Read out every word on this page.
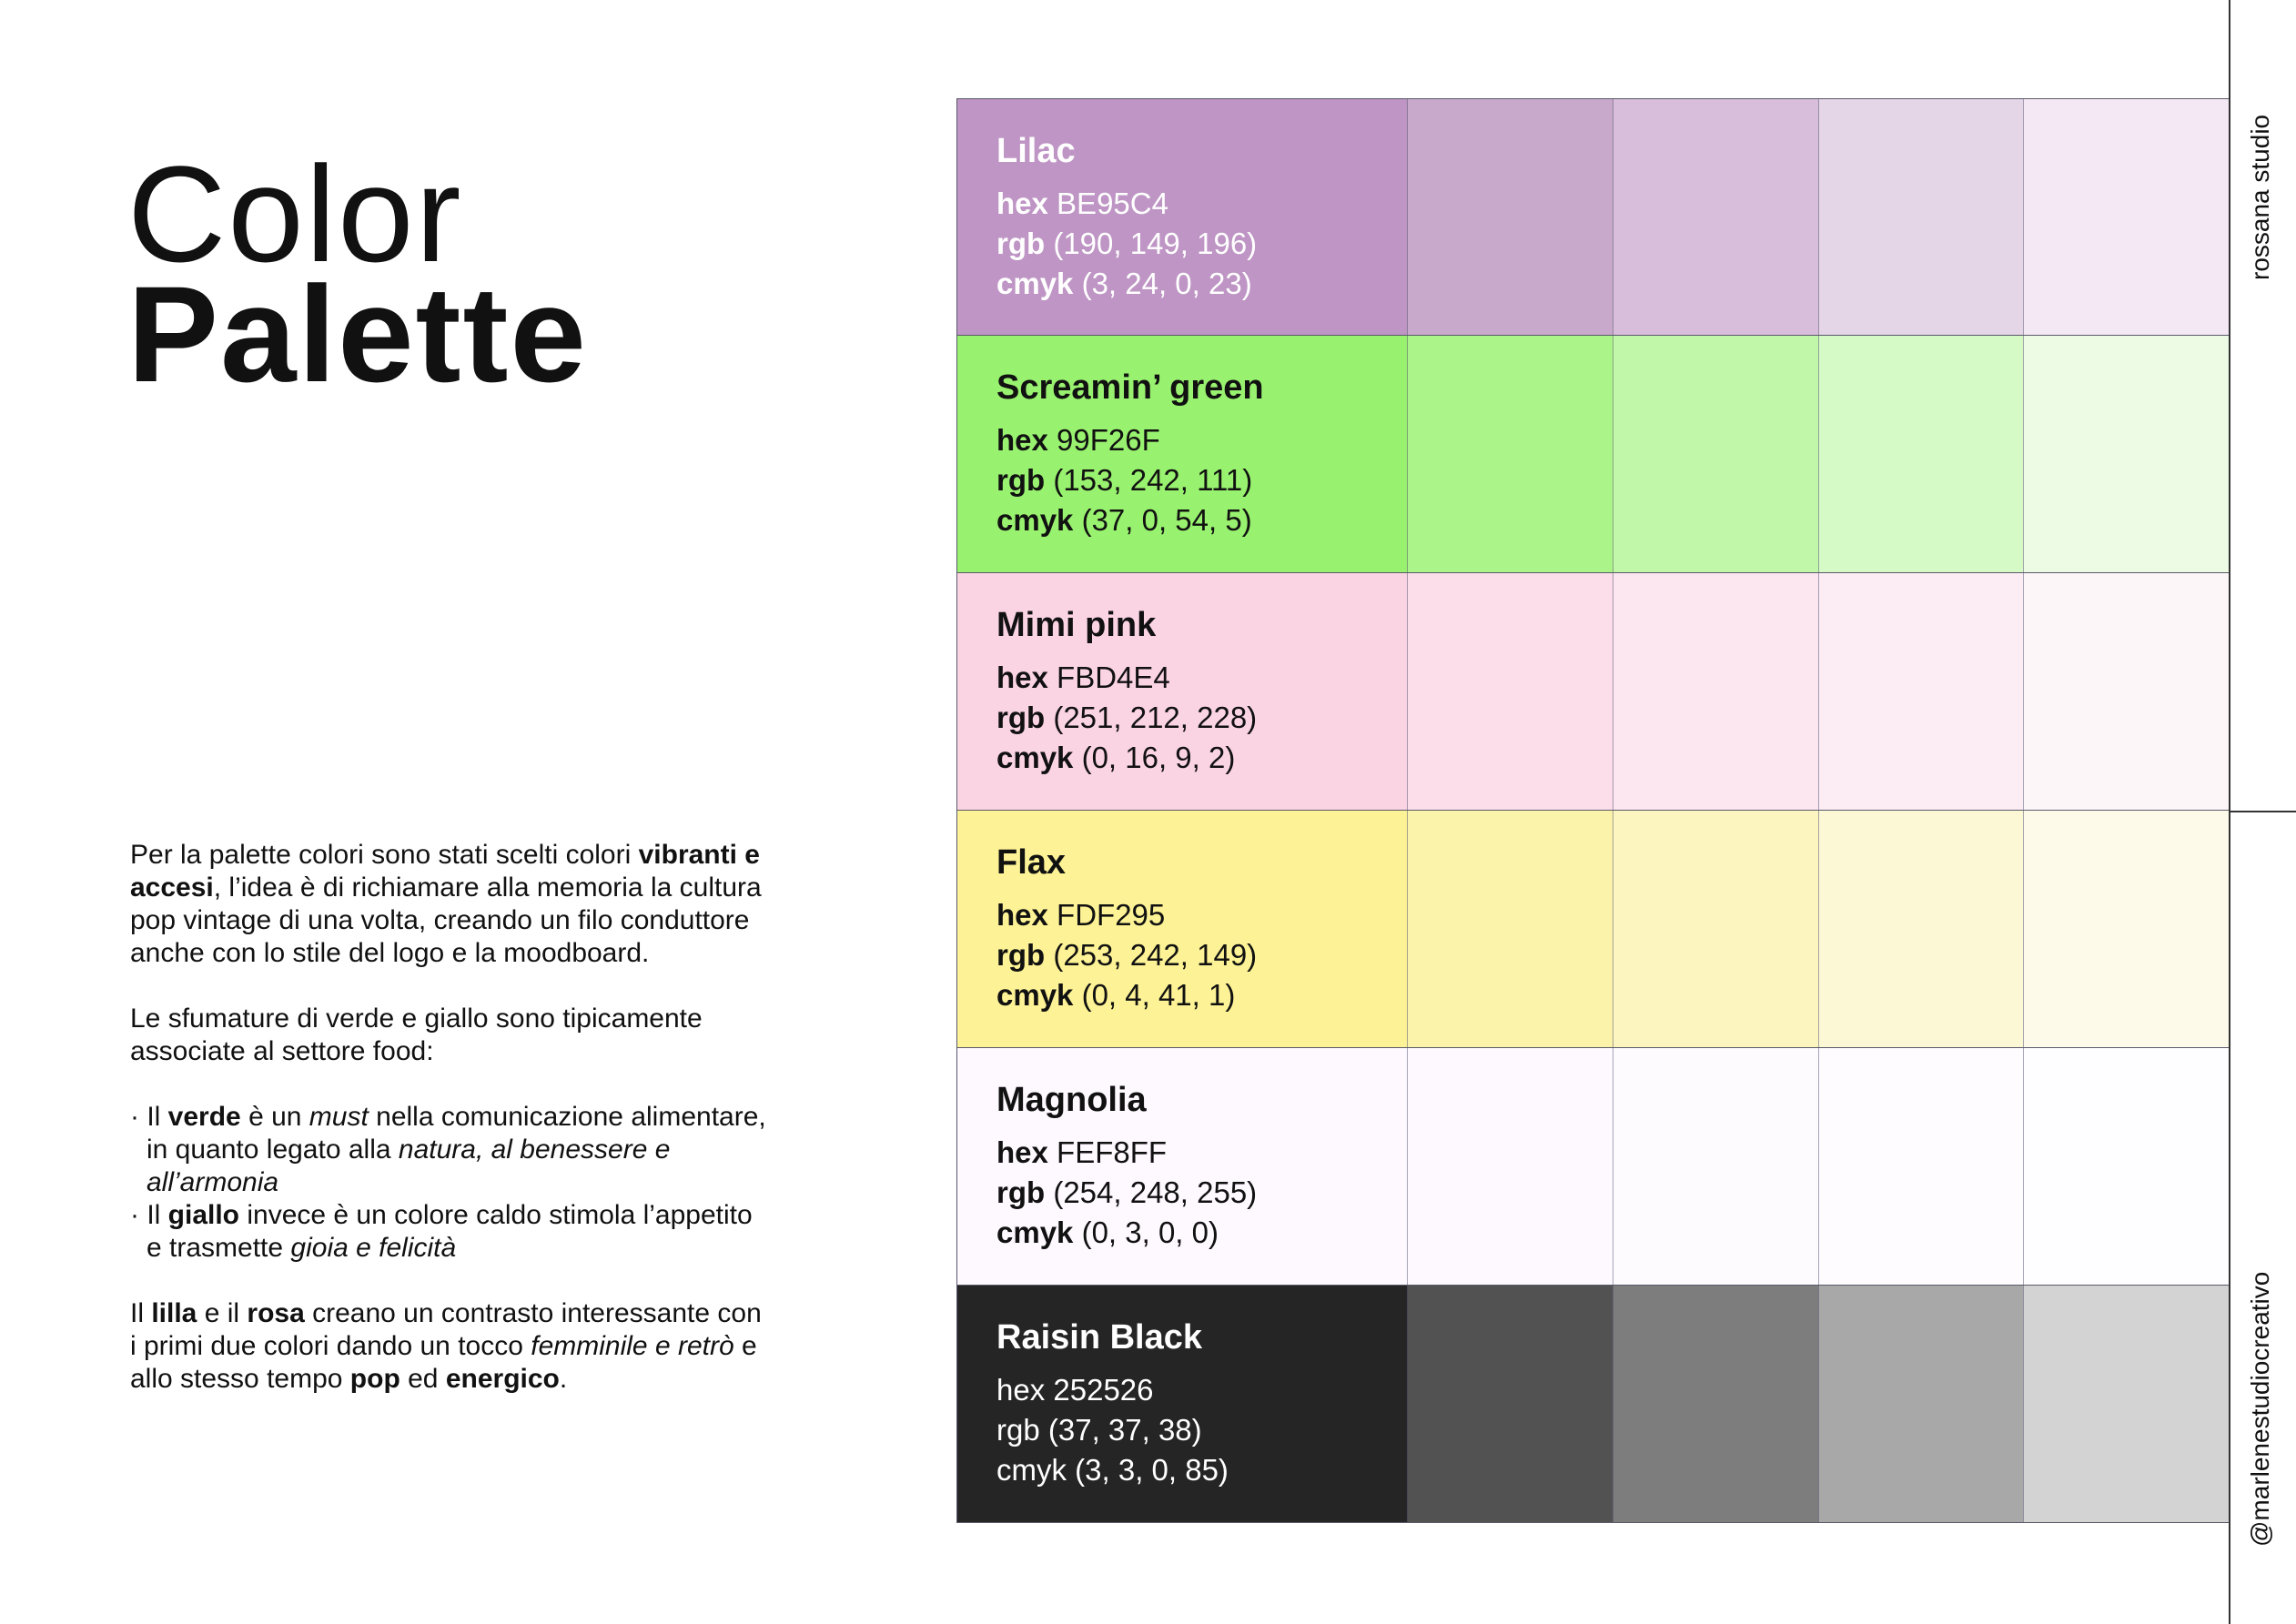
Color
Palette

Per la palette colori sono stati scelti colori vibranti e accesi, l’idea è di richiamare alla memoria la cultura pop vintage di una volta, creando un filo conduttore anche con lo stile del logo e la moodboard.

Le sfumature di verde e giallo sono tipicamente associate al settore food:

· Il verde è un must nella comunicazione alimentare, in quanto legato alla natura, al benessere e all’armonia
· Il giallo invece è un colore caldo stimola l’appetito e trasmette gioia e felicità

Il lilla e il rosa creano un contrasto interessante con i primi due colori dando un tocco femminile e retrò e allo stesso tempo pop ed energico.

Lilac
hex BE95C4
rgb (190, 149, 196)
cmyk (3, 24, 0, 23)
Screamin’ green
hex 99F26F
rgb (153, 242, 111)
cmyk (37, 0, 54, 5)
Mimi pink
hex FBD4E4
rgb (251, 212, 228)
cmyk (0, 16, 9, 2)
Flax
hex FDF295
rgb (253, 242, 149)
cmyk (0, 4, 41, 1)
Magnolia
hex FEF8FF
rgb (254, 248, 255)
cmyk (0, 3, 0, 0)
Raisin Black
hex 252526
rgb (37, 37, 38)
cmyk (3, 3, 0, 85)
rossana studio
@marlenestudiocreativo
